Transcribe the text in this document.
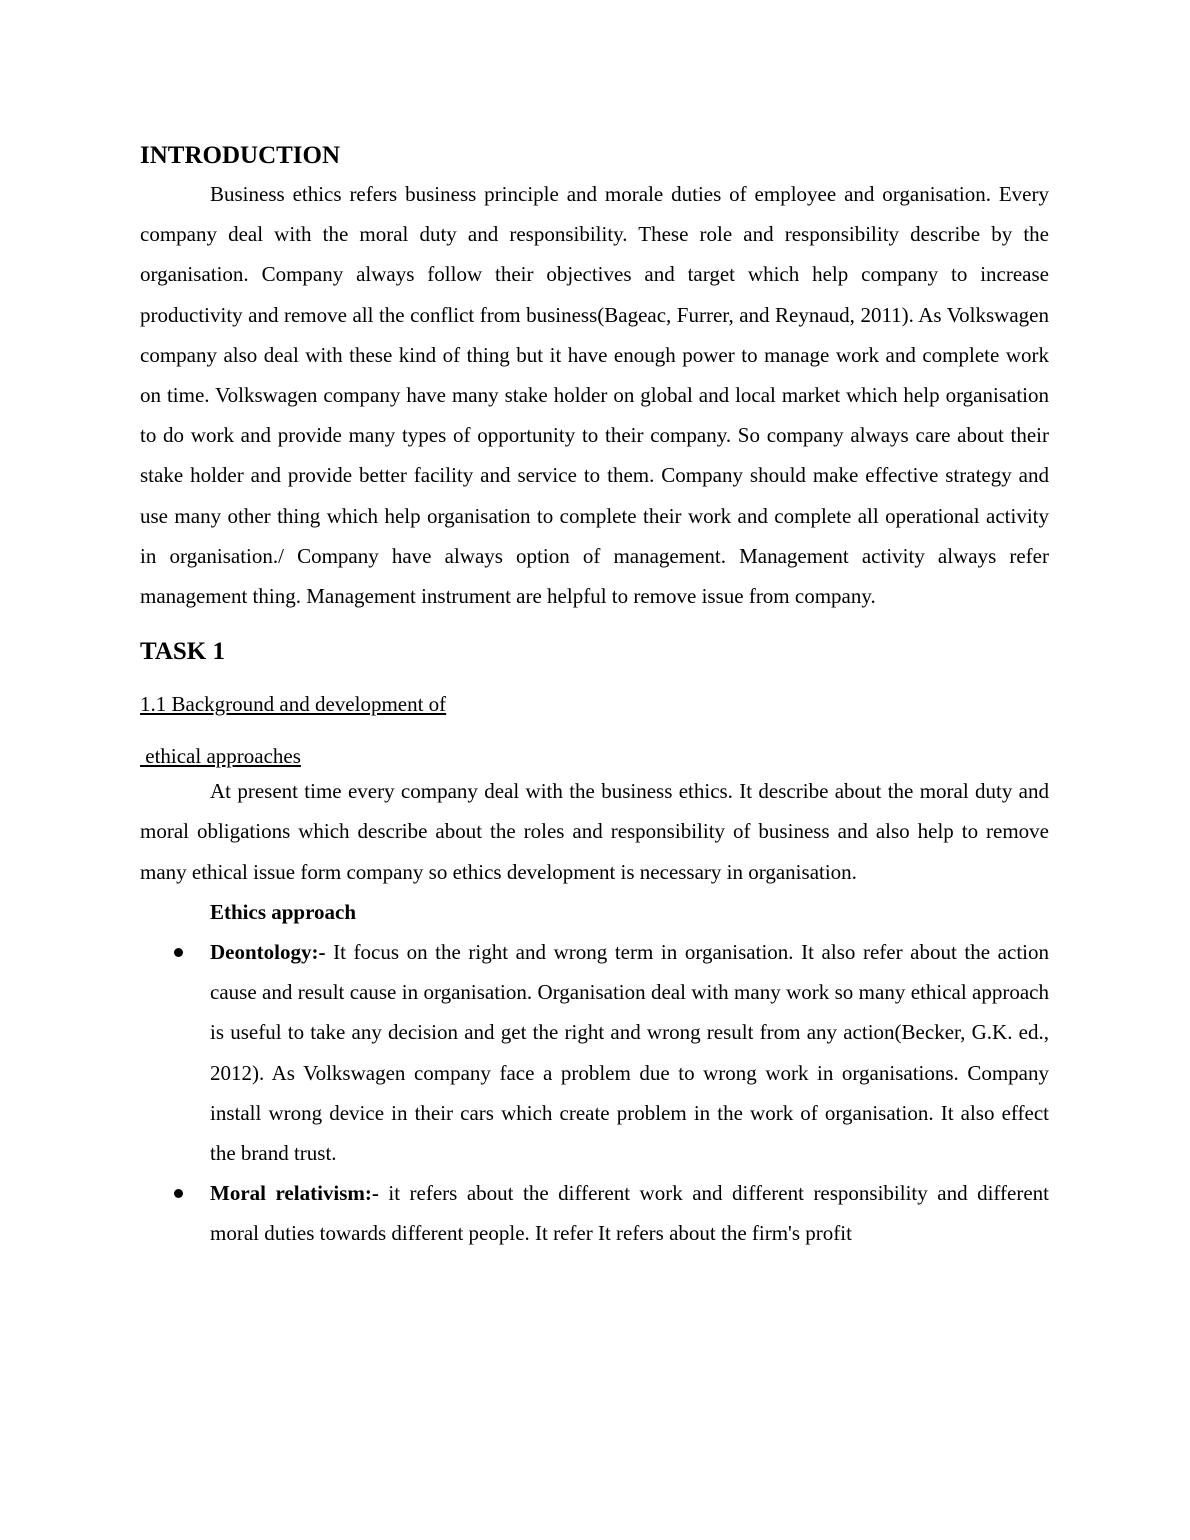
INTRODUCTION

Business ethics refers business principle and morale duties of employee and organisation. Every company deal with the moral duty and responsibility. These role and responsibility describe by the organisation. Company always follow their objectives and target which help company to increase productivity and remove all the conflict from business(Bageac, Furrer, and Reynaud, 2011). As Volkswagen company also deal with these kind of thing but it have enough power to manage work and complete work on time. Volkswagen company have many stake holder on global and local market which help organisation to do work and provide many types of opportunity to their company. So company always care about their stake holder and provide better facility and service to them. Company should make effective strategy and use many other thing which help organisation to complete their work and complete all operational activity in organisation./ Company have always option of management. Management activity always refer management thing. Management instrument are helpful to remove issue from company.

TASK 1

1.1 Background and development of

ethical approaches

At present time every company deal with the business ethics. It describe about the moral duty and moral obligations which describe about the roles and responsibility of business and also help to remove many ethical issue form company so ethics development is necessary in organisation.

Ethics approach

Deontology:- It focus on the right and wrong term in organisation. It also refer about the action cause and result cause in organisation. Organisation deal with many work so many ethical approach is useful to take any decision and get the right and wrong result from any action(Becker, G.K. ed., 2012). As Volkswagen company face a problem due to wrong work in organisations. Company install wrong device in their cars which create problem in the work of organisation. It also effect the brand trust.
Moral relativism:- it refers about the different work and different responsibility and different moral duties towards different people. It refer It refers about the firm's profit
